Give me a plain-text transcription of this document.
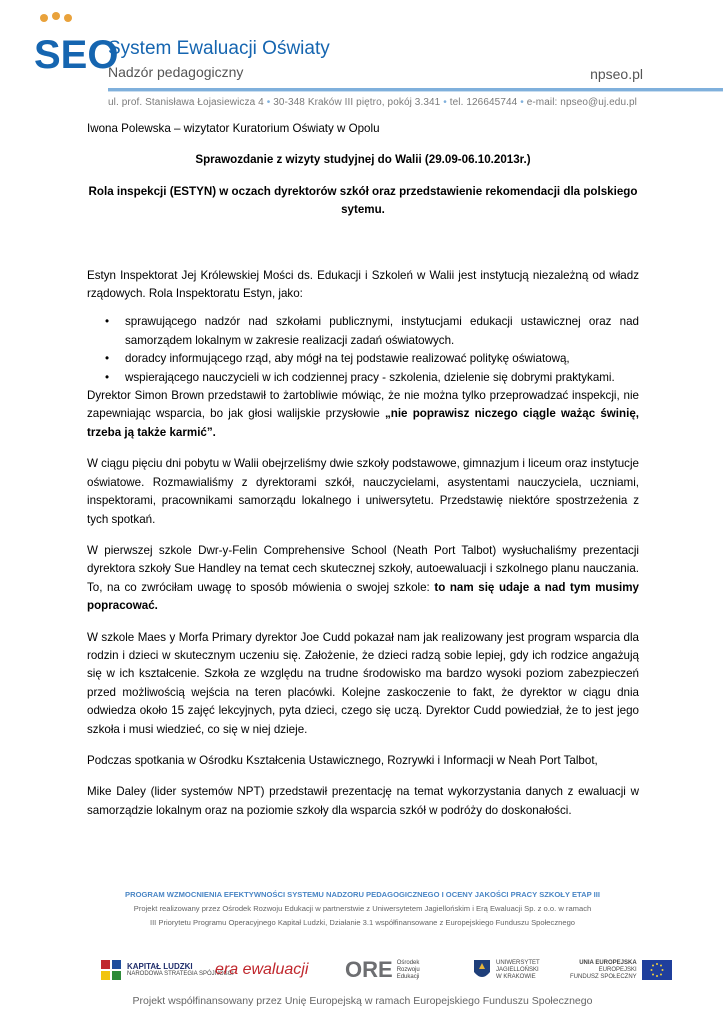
SEO
System Ewaluacji Oświaty
Nadzór pedagogiczny	npseo.pl
ul. prof. Stanisława Łojasiewicza 4 • 30-348 Kraków III piętro, pokój 3.341 • tel. 126645744 • e-mail: npseo@uj.edu.pl

Iwona Polewska – wizytator Kuratorium Oświaty w Opolu

Sprawozdanie z wizyty studyjnej do Walii (29.09-06.10.2013r.)

Rola inspekcji (ESTYN) w oczach dyrektorów szkół oraz przedstawienie rekomendacji dla polskiego sytemu.

Estyn Inspektorat Jej Królewskiej Mości ds. Edukacji i Szkoleń w Walii jest instytucją niezależną od władz rządowych. Rola Inspektoratu Estyn, jako:

• sprawującego nadzór nad szkołami publicznymi, instytucjami edukacji ustawicznej oraz nad samorządem lokalnym w zakresie realizacji zadań oświatowych.
• doradcy informującego rząd, aby mógł na tej podstawie realizować politykę oświatową,
• wspierającego nauczycieli w ich codziennej pracy - szkolenia, dzielenie się dobrymi praktykami.

Dyrektor Simon Brown przedstawił to żartobliwie mówiąc, że nie można tylko przeprowadzać inspekcji, nie zapewniając wsparcia, bo jak głosi walijskie przysłowie „nie poprawisz niczego ciągle ważąc świnię, trzeba ją także karmić”.

W ciągu pięciu dni pobytu w Walii obejrzeliśmy dwie szkoły podstawowe, gimnazjum i liceum oraz instytucje oświatowe. Rozmawialiśmy z dyrektorami szkół, nauczycielami, asystentami nauczyciela, uczniami, inspektorami, pracownikami samorządu lokalnego i uniwersytetu. Przedstawię niektóre spostrzeżenia z tych spotkań.

W pierwszej szkole Dwr-y-Felin Comprehensive School (Neath Port Talbot) wysłuchaliśmy prezentacji dyrektora szkoły Sue Handley na temat cech skutecznej szkoły, autoewaluacji i szkolnego planu nauczania. To, na co zwróciłam uwagę to sposób mówienia o swojej szkole: to nam się udaje a nad tym musimy popracować.

W szkole Maes y Morfa Primary dyrektor Joe Cudd pokazał nam jak realizowany jest program wsparcia dla rodzin i dzieci w skutecznym uczeniu się. Założenie, że dzieci radzą sobie lepiej, gdy ich rodzice angażują się w ich kształcenie. Szkoła ze względu na trudne środowisko ma bardzo wysoki poziom zabezpieczeń przed możliwością wejścia na teren placówki. Kolejne zaskoczenie to fakt, że dyrektor w ciągu dnia odwiedza około 15 zajęć lekcyjnych, pyta dzieci, czego się uczą. Dyrektor Cudd powiedział, że to jest jego szkoła i musi wiedzieć, co się w niej dzieje.

Podczas spotkania w Ośrodku Kształcenia Ustawicznego, Rozrywki i Informacji w Neah Port Talbot,

Mike Daley (lider systemów NPT) przedstawił prezentację na temat wykorzystania danych z ewaluacji w samorządzie lokalnym oraz na poziomie szkoły dla wsparcia szkół w podróży do doskonałości.

PROGRAM WZMOCNIENIA EFEKTYWNOŚCI SYSTEMU NADZORU PEDAGOGICZNEGO I OCENY JAKOŚCI PRACY SZKOŁY ETAP III
Projekt realizowany przez Ośrodek Rozwoju Edukacji w partnerstwie z Uniwersytetem Jagiellońskim i Erą Ewaluacji Sp. z o.o. w ramach
III Priorytetu Programu Operacyjnego Kapitał Ludzki, Działanie 3.1 współfinansowane z Europejskiego Funduszu Społecznego
KAPITAŁ LUDZKI
NARODOWA STRATEGIA SPÓJNOŚCI
era ewaluacji ORE Ośrodek
Rozwoju
Edukacji
UNIWERSYTET
JAGIELLOŃSKI
W KRAKOWIE
UNIA EUROPEJSKA
EUROPEJSKI
FUNDUSZ SPOŁECZNY
Projekt współfinansowany przez Unię Europejską w ramach Europejskiego Funduszu Społecznego
